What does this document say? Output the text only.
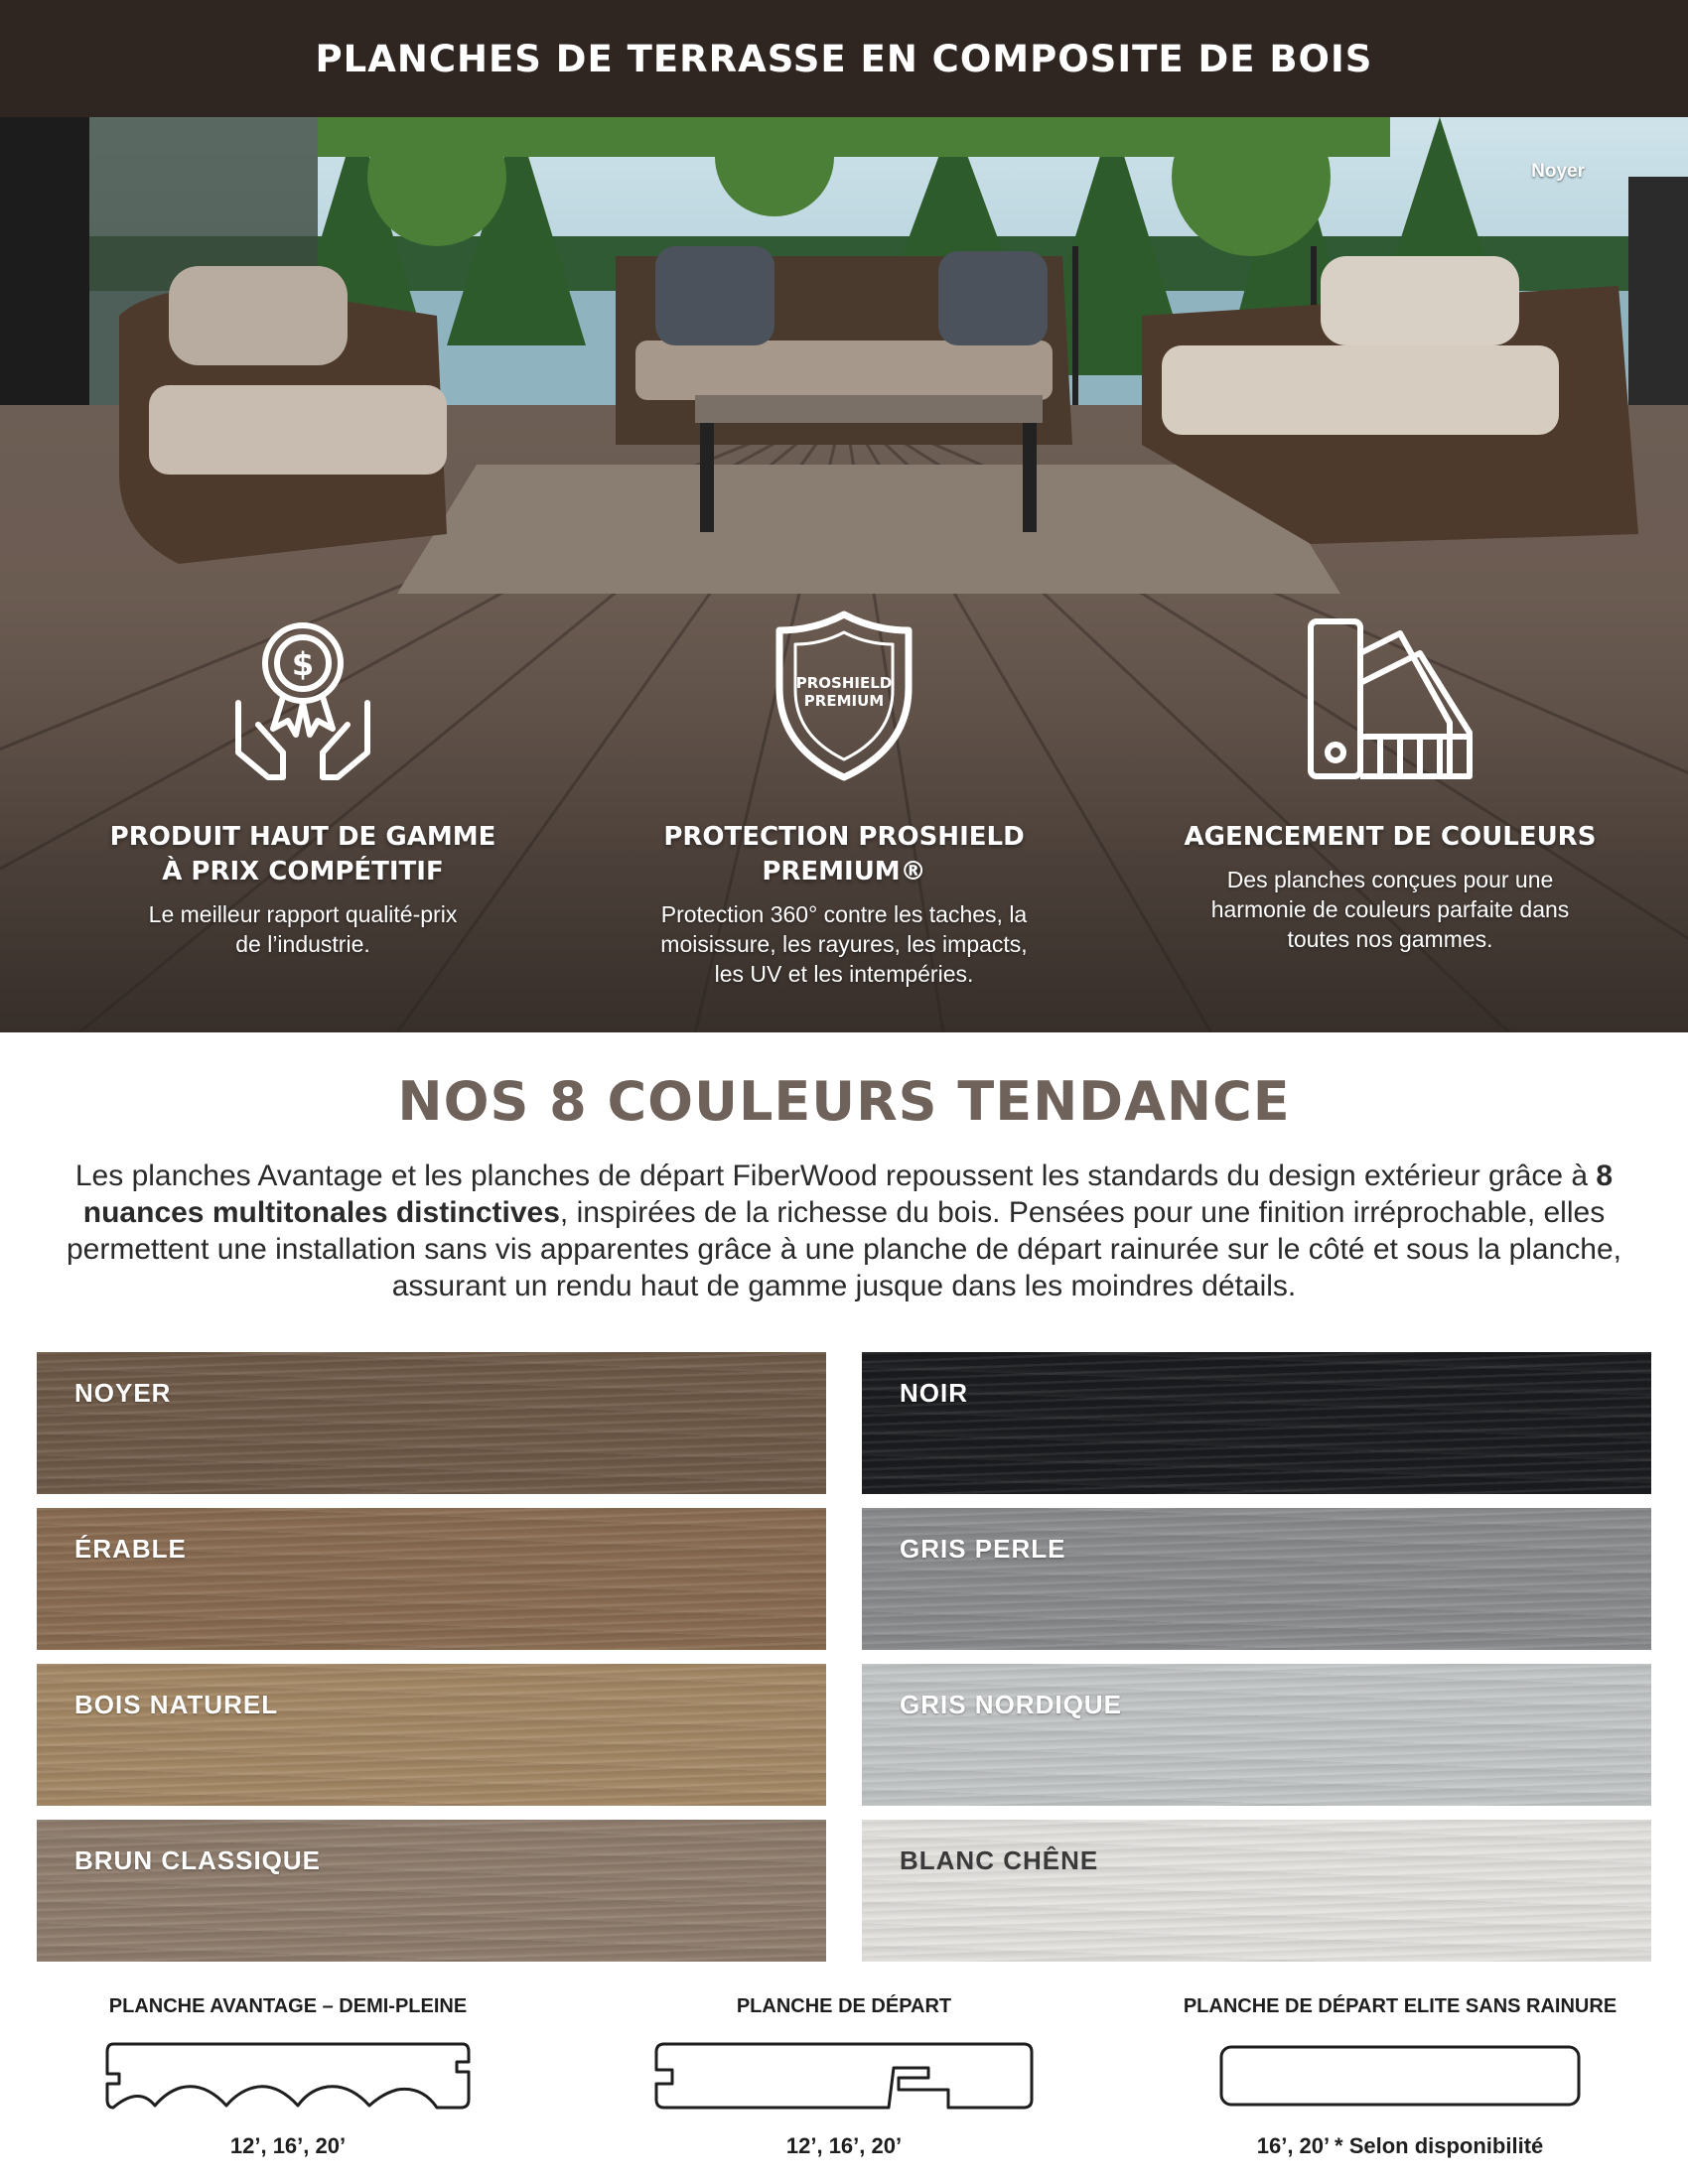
PLANCHES DE TERRASSE EN COMPOSITE DE BOIS
Noyer
$
PRODUIT HAUT DE GAMME
À PRIX COMPÉTITIF
Le meilleur rapport qualité-prix
de l’industrie.
PROSHIELD
PREMIUM
PROTECTION PROSHIELD PREMIUM®
Protection 360° contre les taches, la
moisissure, les rayures, les impacts,
les UV et les intempéries.
AGENCEMENT DE COULEURS
Des planches conçues pour une
harmonie de couleurs parfaite dans
toutes nos gammes.
NOS 8 COULEURS TENDANCE

Les planches Avantage et les planches de départ FiberWood repoussent les standards du design extérieur grâce à 8 nuances multitonales distinctives, inspirées de la richesse du bois. Pensées pour une finition irréprochable, elles permettent une installation sans vis apparentes grâce à une planche de départ rainurée sur le côté et sous la planche, assurant un rendu haut de gamme jusque dans les moindres détails.

NOYER	NOIR
ÉRABLE	GRIS PERLE
BOIS NATUREL	GRIS NORDIQUE
BRUN CLASSIQUE	BLANC CHÊNE
PLANCHE AVANTAGE – DEMI-PLEINE
12’, 16’, 20’
PLANCHE DE DÉPART
12’, 16’, 20’
PLANCHE DE DÉPART ELITE SANS RAINURE
16’, 20’ * Selon disponibilité
